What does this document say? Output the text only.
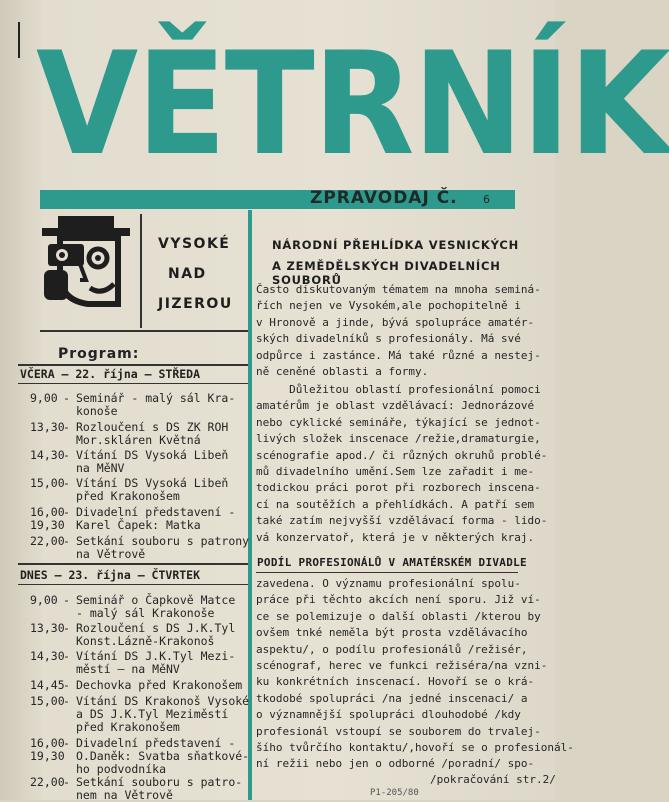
VĚTRNÍK
ZPRAVODAJ Č. 6
VYSOKÉ
NAD
JIZEROU
Program:
VČERA – 22. října – STŘEDA
9,00 - Seminář - malý sál Kra-
konoše
13,30
- Rozloučení s DS ZK ROH
Mor.skláren Květná
14,30
- Vítání DS Vysoká Libeň
na MěNV
15,00
- Vítání DS Vysoká Libeň
před Krakonošem
16,00
19,30
- Divadelní představení -
Karel Čapek: Matka
22,00
- Setkání souboru s patrony
na Větrově
DNES – 23. října – ČTVRTEK
9,00 - Seminář o Čapkově Matce
- malý sál Krakonoše
13,30
- Rozloučení s DS J.K.Tyl
Konst.Lázně-Krakonoš
14,30
- Vítání DS J.K.Tyl Mezi-
městí – na MěNV
14,45
- Dechovka před Krakonošem
15,00
- Vítání DS Krakonoš Vysoké
a DS J.K.Tyl Meziměstí
před Krakonošem
16,00
19,30
- Divadelní představení -
O.Daněk: Svatba sňatkové-
ho podvodníka
22,00
- Setkání souboru s patro-
nem na Větrově
NÁRODNÍ PŘEHLÍDKA VESNICKÝCH
A ZEMĚDĚLSKÝCH DIVADELNÍCH SOUBORŮ
Často diskutovaným tématem na mnoha seminá-
řích nejen ve Vysokém,ale pochopitelně i
v Hronově a jinde, bývá spolupráce amatér-
ských divadelníků s profesionály. Má své
odpůrce i zastánce. Má také různé a nestej-
ně ceněné oblasti a formy.
Důležitou oblastí profesionální pomoci
amatérům je oblast vzdělávací: Jednorázové
nebo cyklické semináře, týkající se jednot-
livých složek inscenace /režie,dramaturgie,
scénografie apod./ či různých okruhů problé-
mů divadelního umění.Sem lze zařadit i me-
todickou práci porot při rozborech inscena-
cí na soutěžích a přehlídkách. A patří sem
také zatím nejvyšší vzdělávací forma - lido-
vá konzervatoř, která je v některých kraj.
PODÍL PROFESIONÁLŮ V AMATÉRSKÉM DIVADLE
zavedena. O významu profesionální spolu-
práce při těchto akcích není sporu. Již ví-
ce se polemizuje o další oblasti /kterou by
ovšem tnké neměla být prosta vzdělávacího
aspektu/, o podílu profesionálů /režisér,
scénograf, herec ve funkci režiséra/na vzni-
ku konkrétních inscenací. Hovoří se o krá-
tkodobé spolupráci /na jedné inscenaci/ a
o významnější spolupráci dlouhodobé /kdy
profesionál vstoupí se souborem do trvalej-
šího tvůrčího kontaktu/,hovoří se o profesionál-
ní režii nebo jen o odborné /poradní/ spo-
/pokračování str.2/
P1-205/80
